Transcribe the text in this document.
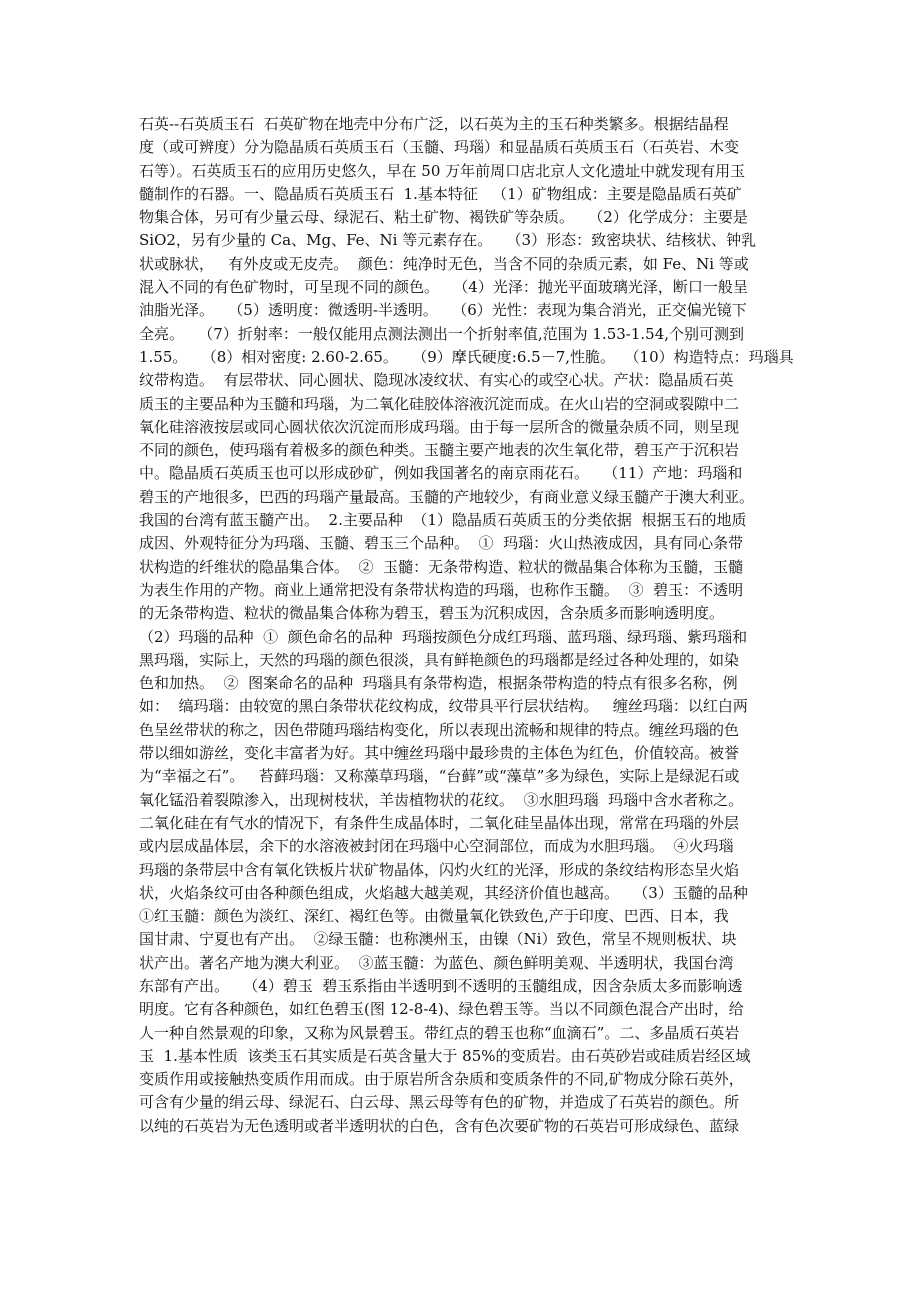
石英--石英质玉石  石英矿物在地壳中分布广泛，以石英为主的玉石种类繁多。根据结晶程
度（或可辨度）分为隐晶质石英质玉石（玉髓、玛瑙）和显晶质石英质玉石（石英岩、木变
石等）。石英质玉石的应用历史悠久，早在 50 万年前周口店北京人文化遗址中就发现有用玉
髓制作的石器。一、隐晶质石英质玉石  1.基本特征   （1）矿物组成：主要是隐晶质石英矿
物集合体，另可有少量云母、绿泥石、粘土矿物、褐铁矿等杂质。   （2）化学成分：主要是
SiO2，另有少量的 Ca、Mg、Fe、Ni 等元素存在。   （3）形态：致密块状、结核状、钟乳
状或脉状，   有外皮或无皮壳。  颜色：纯净时无色，当含不同的杂质元素，如 Fe、Ni 等或
混入不同的有色矿物时，可呈现不同的颜色。   （4）光泽：抛光平面玻璃光泽，断口一般呈
油脂光泽。   （5）透明度：微透明-半透明。   （6）光性：表现为集合消光，正交偏光镜下
全亮。   （7）折射率：一般仅能用点测法测出一个折射率值,范围为 1.53-1.54,个别可测到
1.55。   （8）相对密度: 2.60-2.65。   （9）摩氏硬度:6.5－7,性脆。  （10）构造特点：玛瑙具
纹带构造。  有层带状、同心圆状、隐现冰凌纹状、有实心的或空心状。产状：隐晶质石英
质玉的主要品种为玉髓和玛瑙，为二氧化硅胶体溶液沉淀而成。在火山岩的空洞或裂隙中二
氧化硅溶液按层或同心圆状依次沉淀而形成玛瑙。由于每一层所含的微量杂质不同，则呈现
不同的颜色，使玛瑙有着极多的颜色种类。玉髓主要产地表的次生氧化带，碧玉产于沉积岩
中。隐晶质石英质玉也可以形成砂矿，例如我国著名的南京雨花石。   （11）产地：玛瑙和
碧玉的产地很多，巴西的玛瑙产量最高。玉髓的产地较少，有商业意义绿玉髓产于澳大利亚。
我国的台湾有蓝玉髓产出。  2.主要品种  （1）隐晶质石英质玉的分类依据  根据玉石的地质
成因、外观特征分为玛瑙、玉髓、碧玉三个品种。  ①  玛瑙：火山热液成因，具有同心条带
状构造的纤维状的隐晶集合体。  ②  玉髓：无条带构造、粒状的微晶集合体称为玉髓，玉髓
为表生作用的产物。商业上通常把没有条带状构造的玛瑙，也称作玉髓。  ③  碧玉：不透明
的无条带构造、粒状的微晶集合体称为碧玉，碧玉为沉积成因，含杂质多而影响透明度。
（2）玛瑙的品种  ①  颜色命名的品种  玛瑙按颜色分成红玛瑙、蓝玛瑙、绿玛瑙、紫玛瑙和
黑玛瑙，实际上，天然的玛瑙的颜色很淡，具有鲜艳颜色的玛瑙都是经过各种处理的，如染
色和加热。  ②  图案命名的品种  玛瑙具有条带构造，根据条带构造的特点有很多名称，例
如：  缟玛瑙：由较宽的黑白条带状花纹构成，纹带具平行层状结构。   缠丝玛瑙：以红白两
色呈丝带状的称之，因色带随玛瑙结构变化，所以表现出流畅和规律的特点。缠丝玛瑙的色
带以细如游丝，变化丰富者为好。其中缠丝玛瑙中最珍贵的主体色为红色，价值较高。被誉
为“幸福之石”。   苔藓玛瑙：又称藻草玛瑙，“台藓”或“藻草”多为绿色，实际上是绿泥石或
氧化锰沿着裂隙渗入，出现树枝状，羊齿植物状的花纹。  ③水胆玛瑙  玛瑙中含水者称之。
二氧化硅在有气水的情况下，有条件生成晶体时，二氧化硅呈晶体出现，常常在玛瑙的外层
或内层成晶体层，余下的水溶液被封闭在玛瑙中心空洞部位，而成为水胆玛瑙。  ④火玛瑙
玛瑙的条带层中含有氧化铁板片状矿物晶体，闪灼火红的光泽，形成的条纹结构形态呈火焰
状，火焰条纹可由各种颜色组成，火焰越大越美观，其经济价值也越高。   （3）玉髓的品种
①红玉髓：颜色为淡红、深红、褐红色等。由微量氧化铁致色,产于印度、巴西、日本，我
国甘肃、宁夏也有产出。  ②绿玉髓：也称澳州玉，由镍（Ni）致色，常呈不规则板状、块
状产出。著名产地为澳大利亚。  ③蓝玉髓：为蓝色、颜色鲜明美观、半透明状，我国台湾
东部有产出。   （4）碧玉  碧玉系指由半透明到不透明的玉髓组成，因含杂质太多而影响透
明度。它有各种颜色，如红色碧玉(图 12-8-4)、绿色碧玉等。当以不同颜色混合产出时，给
人一种自然景观的印象，又称为风景碧玉。带红点的碧玉也称“血滴石”。二、多晶质石英岩
玉  1.基本性质  该类玉石其实质是石英含量大于 85%的变质岩。由石英砂岩或硅质岩经区域
变质作用或接触热变质作用而成。由于原岩所含杂质和变质条件的不同,矿物成分除石英外，
可含有少量的绢云母、绿泥石、白云母、黑云母等有色的矿物，并造成了石英岩的颜色。所
以纯的石英岩为无色透明或者半透明状的白色，含有色次要矿物的石英岩可形成绿色、蓝绿
